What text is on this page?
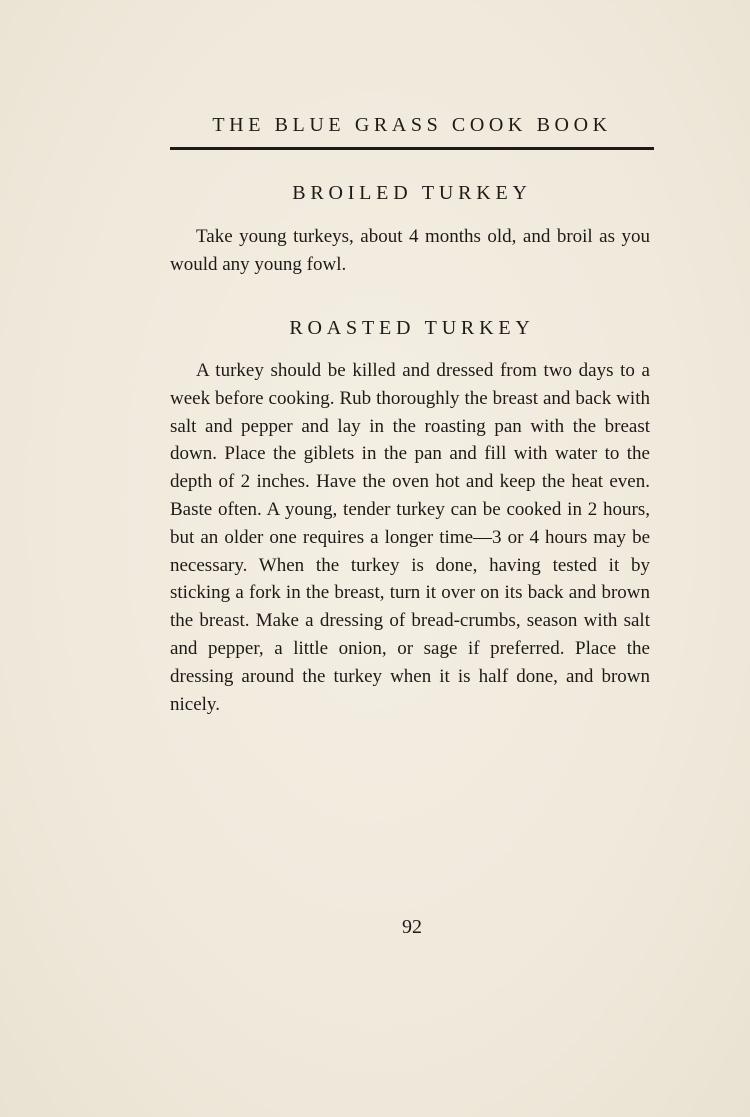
THE BLUE GRASS COOK BOOK
BROILED TURKEY

Take young turkeys, about 4 months old, and broil as you would any young fowl.

ROASTED TURKEY

A turkey should be killed and dressed from two days to a week before cooking. Rub thoroughly the breast and back with salt and pepper and lay in the roasting pan with the breast down. Place the giblets in the pan and fill with water to the depth of 2 inches. Have the oven hot and keep the heat even. Baste often. A young, tender turkey can be cooked in 2 hours, but an older one requires a longer time—3 or 4 hours may be necessary. When the turkey is done, having tested it by sticking a fork in the breast, turn it over on its back and brown the breast. Make a dressing of bread-crumbs, season with salt and pepper, a little onion, or sage if preferred. Place the dressing around the turkey when it is half done, and brown nicely.

92
